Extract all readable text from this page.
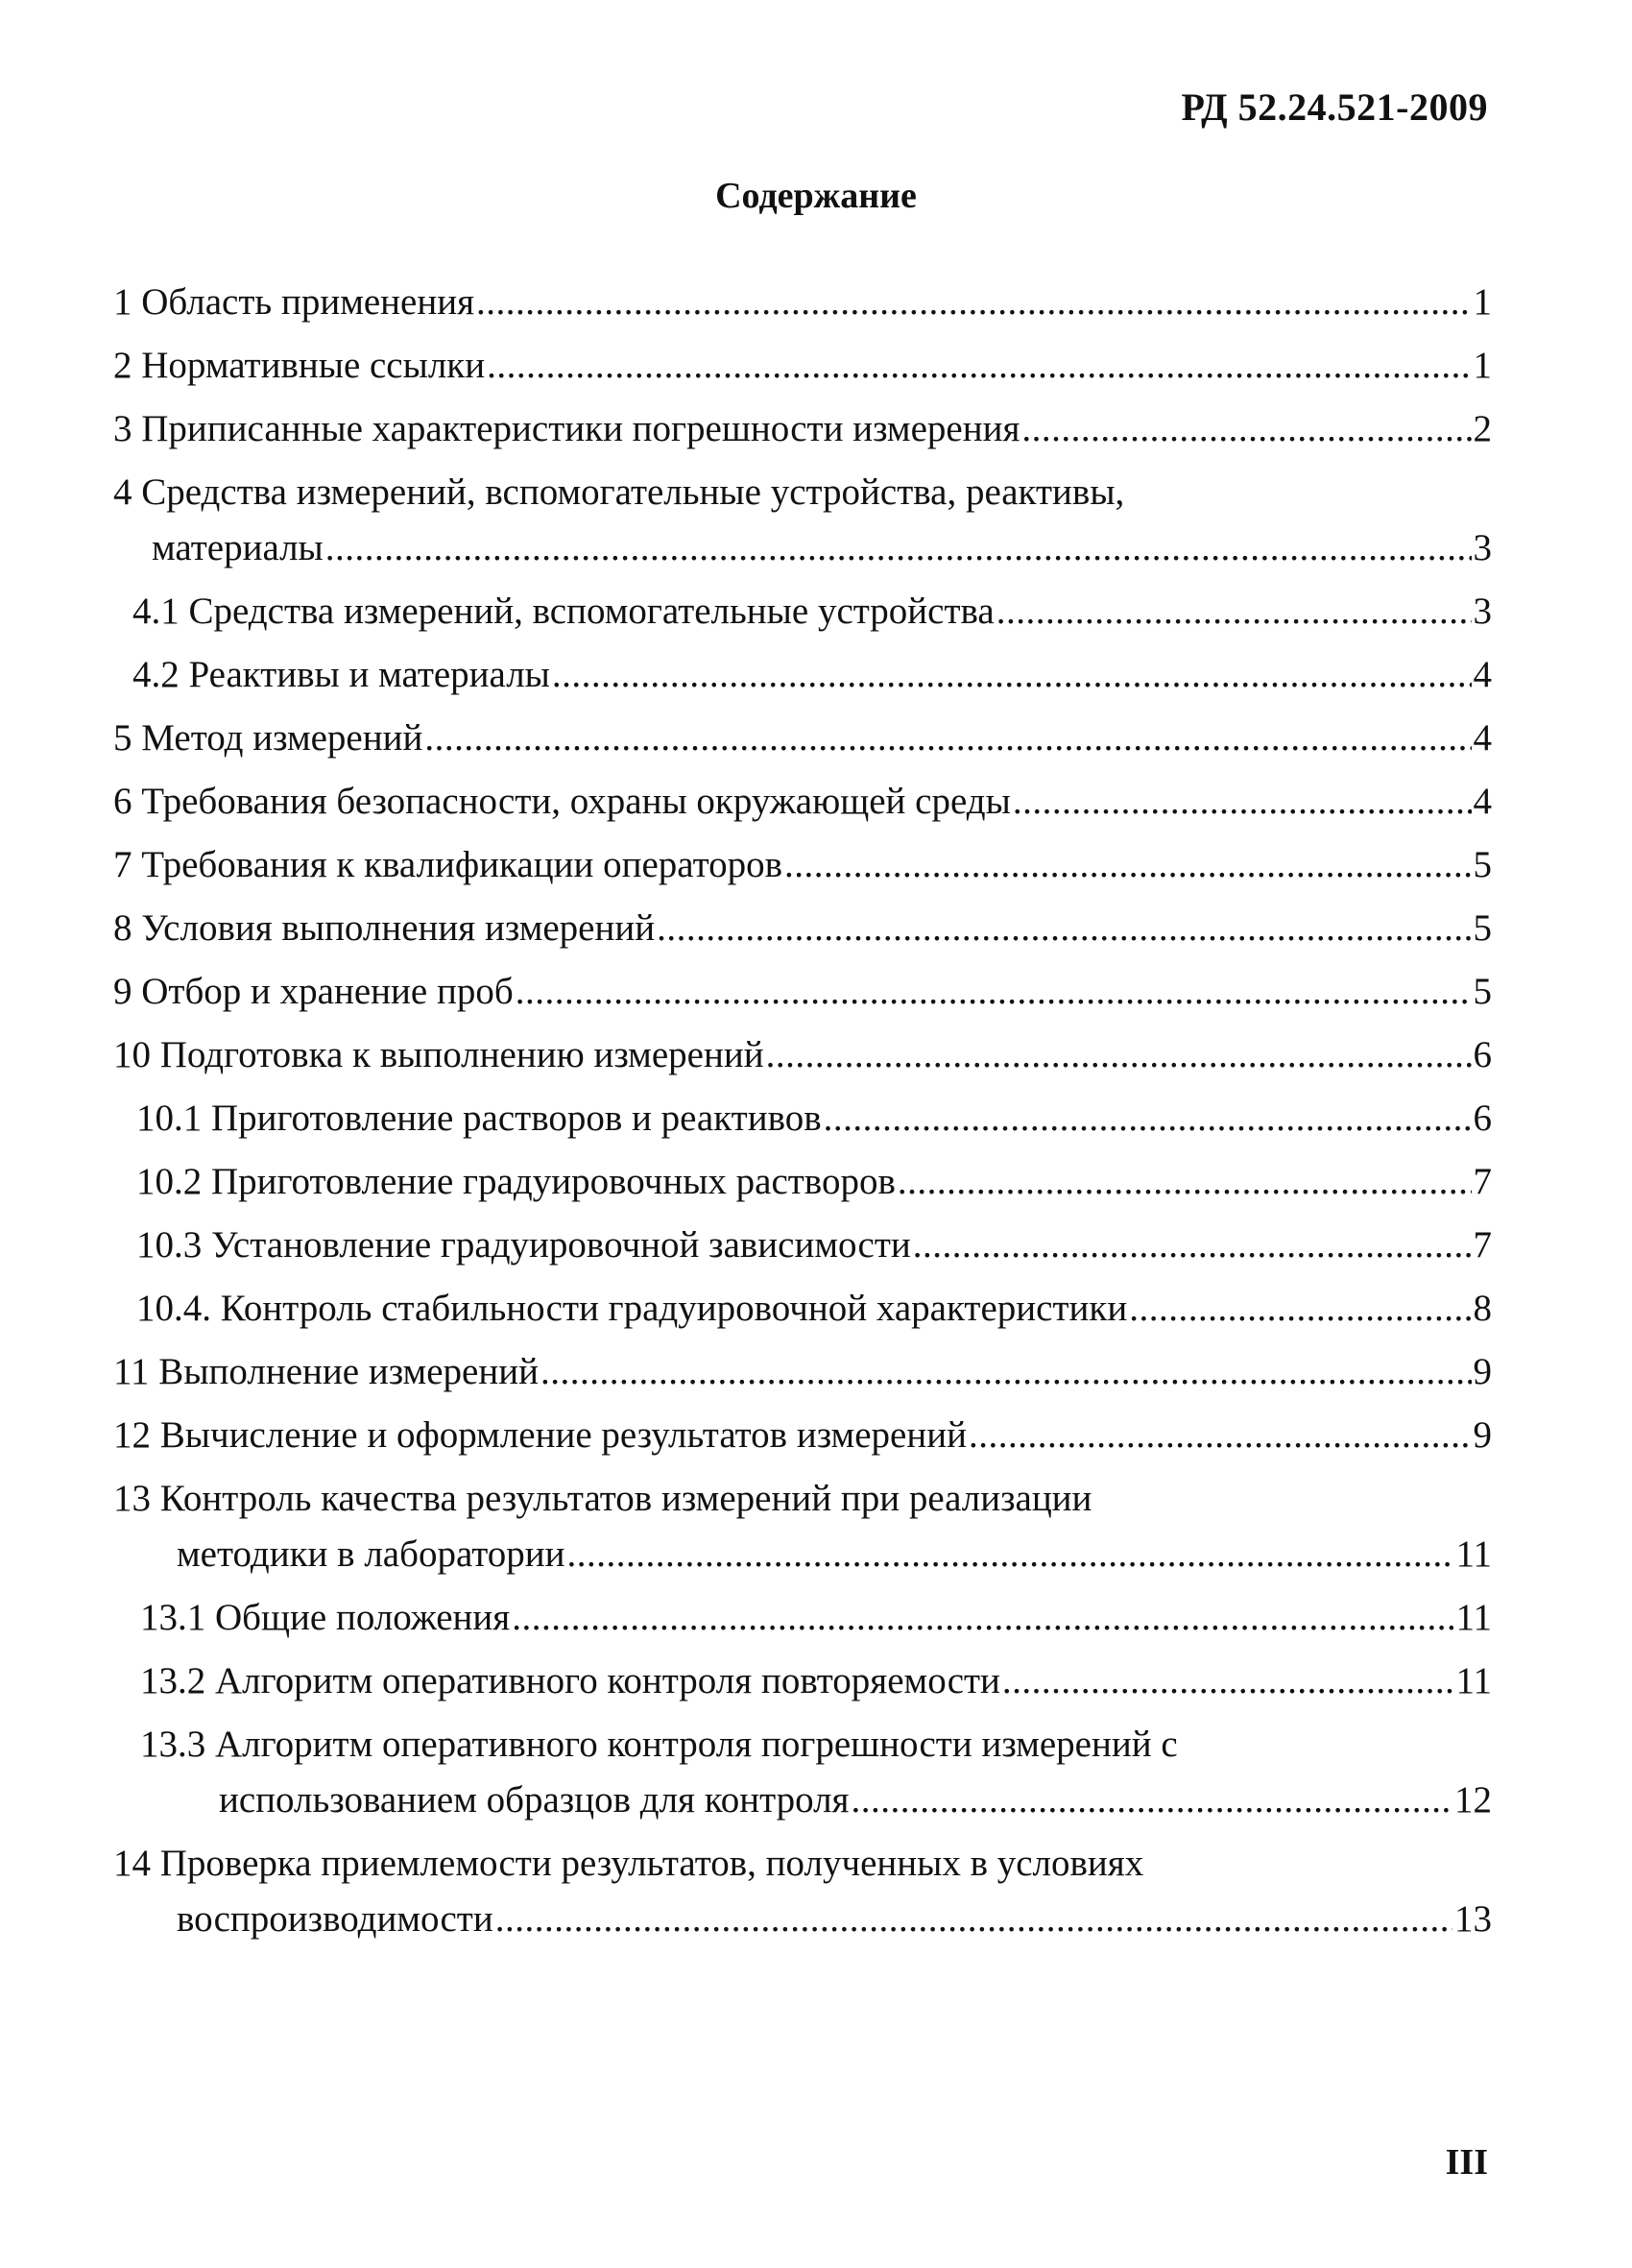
РД 52.24.521-2009
Содержание
1 Область применения .....	1
2 Нормативные ссылки .....	1
3 Приписанные характеристики погрешности измерения .....	2
4 Средства измерений, вспомогательные устройства, реактивы,
материалы .....	3
4.1 Средства измерений, вспомогательные устройства .....	3
4.2 Реактивы и материалы .....	4
5 Метод измерений .....	4
6 Требования безопасности, охраны окружающей среды .....	4
7 Требования к квалификации операторов .....	5
8 Условия выполнения измерений .....	5
9 Отбор и хранение проб .....	5
10 Подготовка к выполнению измерений .....	6
10.1 Приготовление растворов и реактивов .....	6
10.2 Приготовление градуировочных растворов .....	7
10.3 Установление градуировочной зависимости .....	7
10.4. Контроль стабильности градуировочной характеристики .....	8
11 Выполнение измерений .....	9
12 Вычисление и оформление результатов измерений .....	9
13 Контроль качества результатов измерений при реализации
методики в лаборатории .....	11
13.1 Общие положения .....	11
13.2 Алгоритм оперативного контроля повторяемости .....	11
13.3 Алгоритм оперативного контроля погрешности измерений с
использованием образцов для контроля .....	12
14 Проверка приемлемости результатов, полученных в условиях
воспроизводимости .....	13
III
